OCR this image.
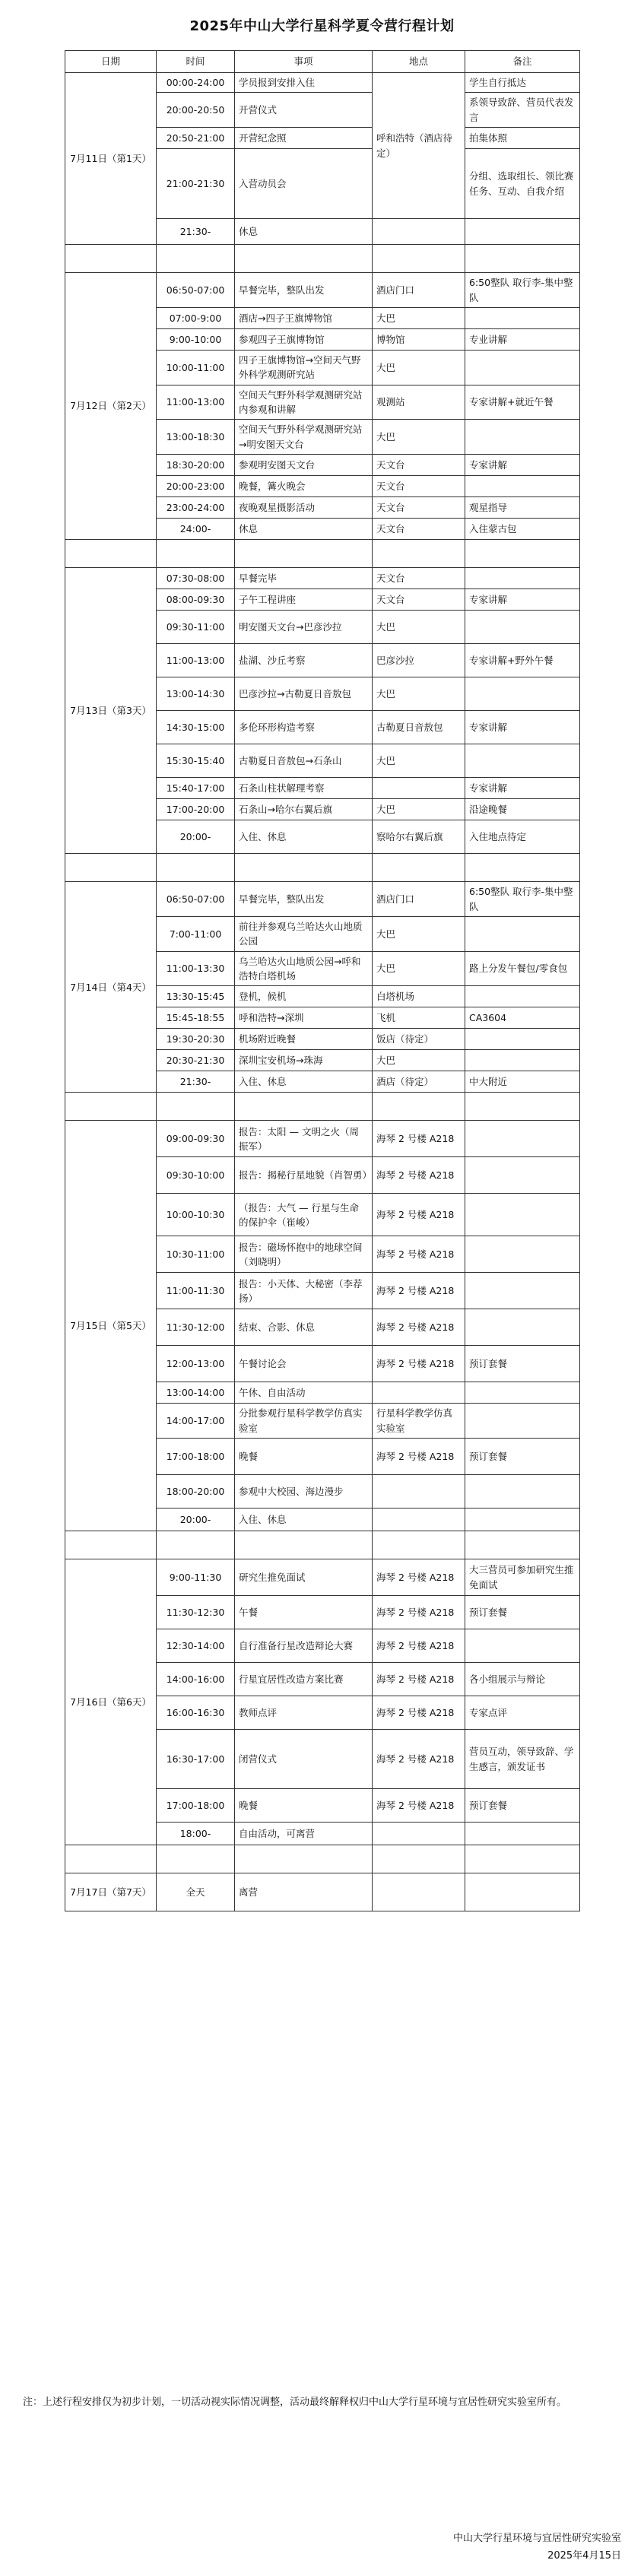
2025年中山大学行星科学夏令营行程计划
日期	时间	事项	地点	备注
7月11日（第1天）	00:00-24:00	学员报到安排入住	呼和浩特（酒店待定）	学生自行抵达
	20:00-20:50	开营仪式		系领导致辞、营员代表发言
	20:50-21:00	开营纪念照		拍集体照
	21:00-21:30	入营动员会		分组、选取组长、领比赛任务、互动、自我介绍
	21:30-	休息		

7月12日（第2天）	06:50-07:00	早餐完毕，整队出发	酒店门口	6:50整队 取行李-集中整队
	07:00-9:00	酒店→四子王旗博物馆	大巴	
	9:00-10:00	参观四子王旗博物馆	博物馆	专业讲解
	10:00-11:00	四子王旗博物馆→空间天气野外科学观测研究站	大巴	
	11:00-13:00	空间天气野外科学观测研究站内参观和讲解	观测站	专家讲解+就近午餐
	13:00-18:30	空间天气野外科学观测研究站→明安图天文台	大巴	
	18:30-20:00	参观明安图天文台	天文台	专家讲解
	20:00-23:00	晚餐，篝火晚会	天文台	
	23:00-24:00	夜晚观星摄影活动	天文台	观星指导
	24:00-	休息	天文台	入住蒙古包

7月13日（第3天）	07:30-08:00	早餐完毕	天文台	
	08:00-09:30	子午工程讲座	天文台	专家讲解
	09:30-11:00	明安图天文台→巴彦沙拉	大巴	
	11:00-13:00	盐湖、沙丘考察	巴彦沙拉	专家讲解+野外午餐
	13:00-14:30	巴彦沙拉→古勒夏日音敖包	大巴	
	14:30-15:00	多伦环形构造考察	古勒夏日音敖包	专家讲解
	15:30-15:40	古勒夏日音敖包→石条山	大巴	
	15:40-17:00	石条山柱状解理考察		专家讲解
	17:00-20:00	石条山→哈尔右翼后旗	大巴	沿途晚餐
	20:00-	入住、休息	察哈尔右翼后旗	入住地点待定

7月14日（第4天）	06:50-07:00	早餐完毕，整队出发	酒店门口	6:50整队 取行李-集中整队
	7:00-11:00	前往并参观乌兰哈达火山地质公园	大巴	
	11:00-13:30	乌兰哈达火山地质公园→呼和浩特白塔机场	大巴	路上分发午餐包/零食包
	13:30-15:45	登机，候机	白塔机场	
	15:45-18:55	呼和浩特→深圳	飞机	CA3604
	19:30-20:30	机场附近晚餐	饭店（待定）	
	20:30-21:30	深圳宝安机场→珠海	大巴	
	21:30-	入住、休息	酒店（待定）	中大附近

7月15日（第5天）	09:00-09:30	报告：太阳 — 文明之火（周振军）	海琴 2 号楼 A218	
	09:30-10:00	报告：揭秘行星地貌（肖智勇）	海琴 2 号楼 A218	
	10:00-10:30	（报告：大气 — 行星与生命的保护伞（崔峻）	海琴 2 号楼 A218	
	10:30-11:00	报告：磁场怀抱中的地球空间（刘晓明）	海琴 2 号楼 A218	
	11:00-11:30	报告：小天体、大秘密（李荐扬）	海琴 2 号楼 A218	
	11:30-12:00	结束、合影、休息	海琴 2 号楼 A218	
	12:00-13:00	午餐讨论会	海琴 2 号楼 A218	预订套餐
	13:00-14:00	午休、自由活动		
	14:00-17:00	分批参观行星科学教学仿真实验室	行星科学教学仿真实验室	
	17:00-18:00	晚餐	海琴 2 号楼 A218	预订套餐
	18:00-20:00	参观中大校园、海边漫步		
	20:00-	入住、休息		

7月16日（第6天）	9:00-11:30	研究生推免面试	海琴 2 号楼 A218	大三营员可参加研究生推免面试
	11:30-12:30	午餐	海琴 2 号楼 A218	预订套餐
	12:30-14:00	自行准备行星改造辩论大赛	海琴 2 号楼 A218	
	14:00-16:00	行星宜居性改造方案比赛	海琴 2 号楼 A218	各小组展示与辩论
	16:00-16:30	教师点评	海琴 2 号楼 A218	专家点评
	16:30-17:00	闭营仪式	海琴 2 号楼 A218	营员互动，领导致辞、学生感言，颁发证书
	17:00-18:00	晚餐	海琴 2 号楼 A218	预订套餐
	18:00-	自由活动，可离营		

7月17日（第7天）	全天	离营		

注：上述行程安排仅为初步计划，一切活动视实际情况调整，活动最终解释权归中山大学行星环境与宜居性研究实验室所有。

中山大学行星环境与宜居性研究实验室
2025年4月15日
